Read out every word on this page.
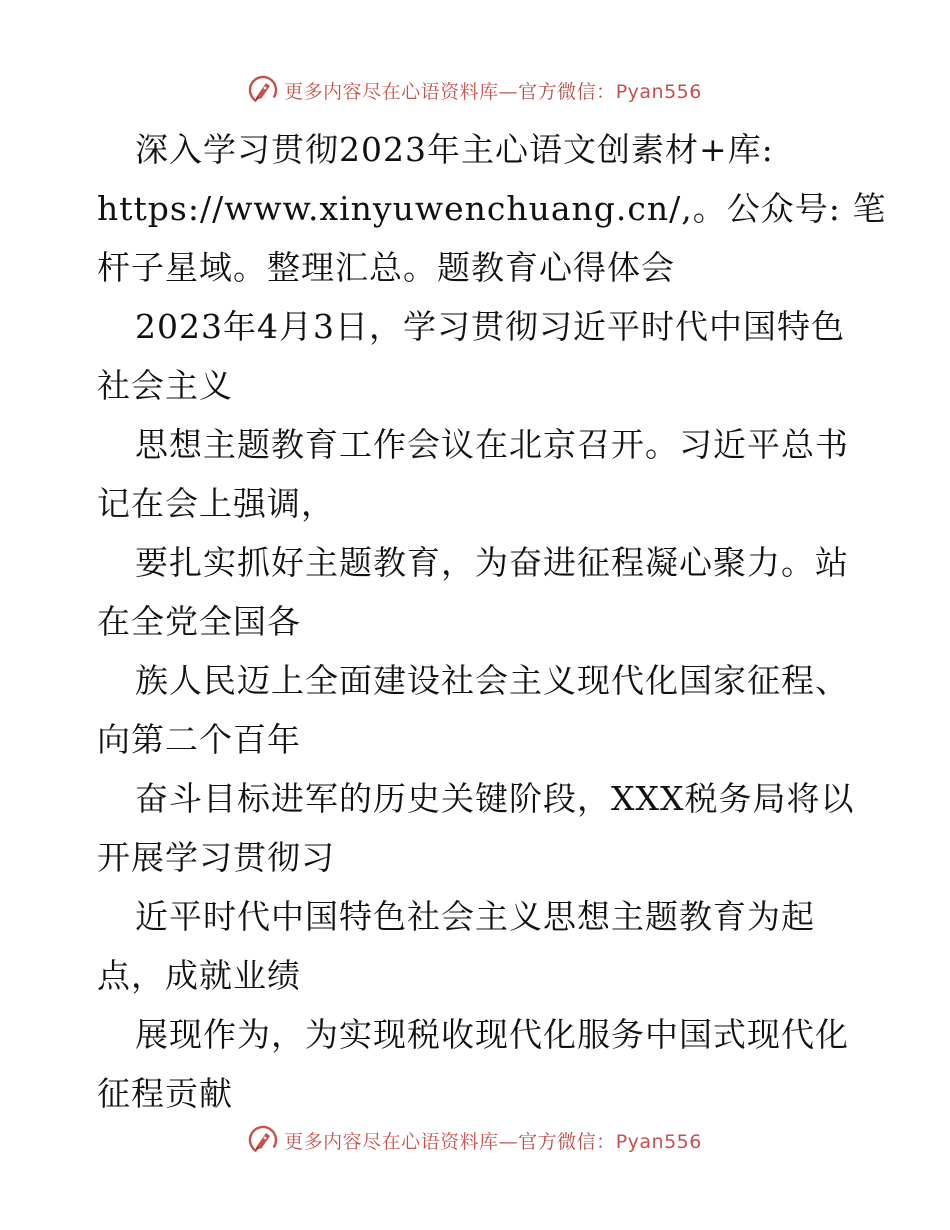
更多内容尽在心语资料库—官方微信：Pyan556
深入学习贯彻2023年主心语文创素材+库:
https://www.xinyuwenchuang.cn/,。公众号: 笔
杆子星域。整理汇总。题教育心得体会
2023年4月3日，学习贯彻习近平时代中国特色
社会主义
思想主题教育工作会议在北京召开。习近平总书
记在会上强调，
要扎实抓好主题教育，为奋进征程凝心聚力。站
在全党全国各
族人民迈上全面建设社会主义现代化国家征程、
向第二个百年
奋斗目标进军的历史关键阶段，XXX税务局将以
开展学习贯彻习
近平时代中国特色社会主义思想主题教育为起
点，成就业绩
展现作为，为实现税收现代化服务中国式现代化
征程贡献
更多内容尽在心语资料库—官方微信：Pyan556
